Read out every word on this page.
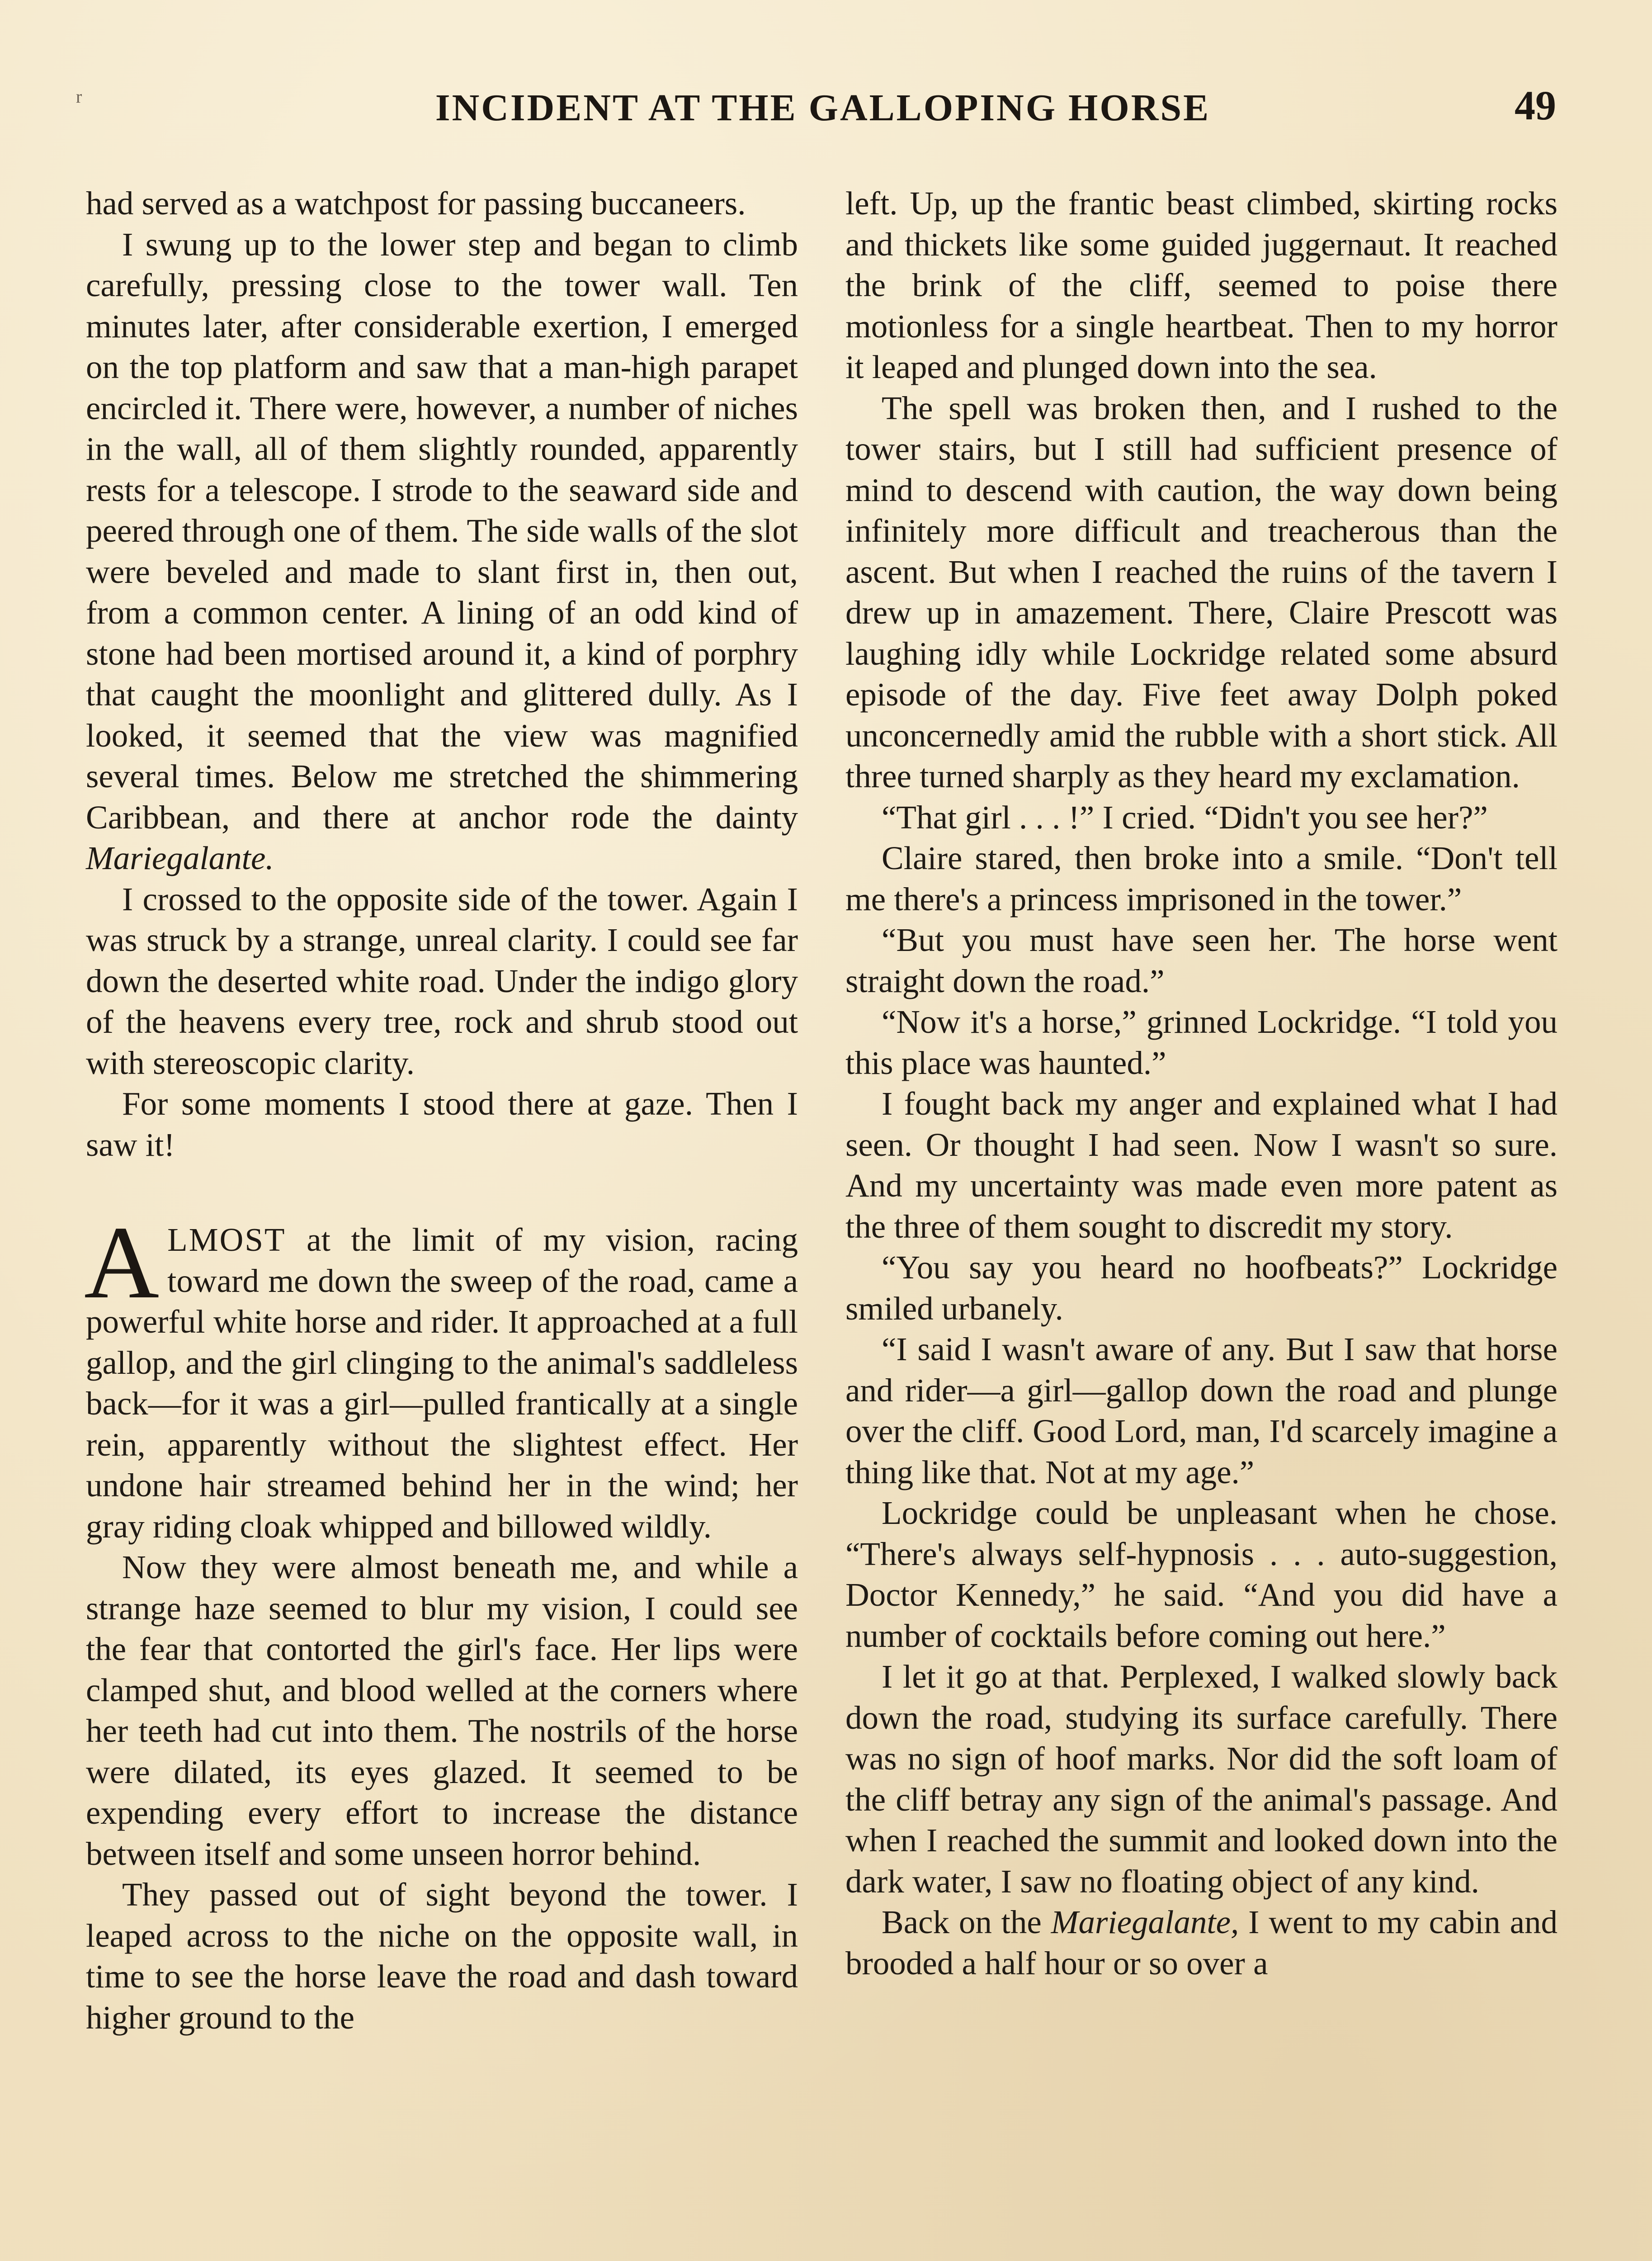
r	INCIDENT AT THE GALLOPING HORSE	49

had served as a watchpost for passing buccaneers.

I swung up to the lower step and began to climb carefully, pressing close to the tower wall. Ten minutes later, after considerable exertion, I emerged on the top platform and saw that a man-high parapet encircled it. There were, however, a number of niches in the wall, all of them slightly rounded, apparently rests for a telescope. I strode to the seaward side and peered through one of them. The side walls of the slot were beveled and made to slant first in, then out, from a common center. A lining of an odd kind of stone had been mortised around it, a kind of porphry that caught the moonlight and glittered dully. As I looked, it seemed that the view was magnified several times. Below me stretched the shimmering Caribbean, and there at anchor rode the dainty Mariegalante.

I crossed to the opposite side of the tower. Again I was struck by a strange, unreal clarity. I could see far down the deserted white road. Under the indigo glory of the heavens every tree, rock and shrub stood out with stereoscopic clarity.

For some moments I stood there at gaze. Then I saw it!

ALMOST at the limit of my vision, racing toward me down the sweep of the road, came a powerful white horse and rider. It approached at a full gallop, and the girl clinging to the animal's saddleless back—for it was a girl—pulled frantically at a single rein, apparently without the slightest effect. Her undone hair streamed behind her in the wind; her gray riding cloak whipped and billowed wildly.

Now they were almost beneath me, and while a strange haze seemed to blur my vision, I could see the fear that contorted the girl's face. Her lips were clamped shut, and blood welled at the corners where her teeth had cut into them. The nostrils of the horse were dilated, its eyes glazed. It seemed to be expending every effort to increase the distance between itself and some unseen horror behind.

They passed out of sight beyond the tower. I leaped across to the niche on the opposite wall, in time to see the horse leave the road and dash toward higher ground to the

left. Up, up the frantic beast climbed, skirting rocks and thickets like some guided juggernaut. It reached the brink of the cliff, seemed to poise there motionless for a single heartbeat. Then to my horror it leaped and plunged down into the sea.

The spell was broken then, and I rushed to the tower stairs, but I still had sufficient presence of mind to descend with caution, the way down being infinitely more difficult and treacherous than the ascent. But when I reached the ruins of the tavern I drew up in amazement. There, Claire Prescott was laughing idly while Lockridge related some absurd episode of the day. Five feet away Dolph poked unconcernedly amid the rubble with a short stick. All three turned sharply as they heard my exclamation.

“That girl . . . !” I cried. “Didn't you see her?”

Claire stared, then broke into a smile. “Don't tell me there's a princess imprisoned in the tower.”

“But you must have seen her. The horse went straight down the road.”

“Now it's a horse,” grinned Lockridge. “I told you this place was haunted.”

I fought back my anger and explained what I had seen. Or thought I had seen. Now I wasn't so sure. And my uncertainty was made even more patent as the three of them sought to discredit my story.

“You say you heard no hoofbeats?” Lockridge smiled urbanely.

“I said I wasn't aware of any. But I saw that horse and rider—a girl—gallop down the road and plunge over the cliff. Good Lord, man, I'd scarcely imagine a thing like that. Not at my age.”

Lockridge could be unpleasant when he chose. “There's always self-hypnosis . . . auto-suggestion, Doctor Kennedy,” he said. “And you did have a number of cocktails before coming out here.”

I let it go at that. Perplexed, I walked slowly back down the road, studying its surface carefully. There was no sign of hoof marks. Nor did the soft loam of the cliff betray any sign of the animal's passage. And when I reached the summit and looked down into the dark water, I saw no floating object of any kind.

Back on the Mariegalante, I went to my cabin and brooded a half hour or so over a
